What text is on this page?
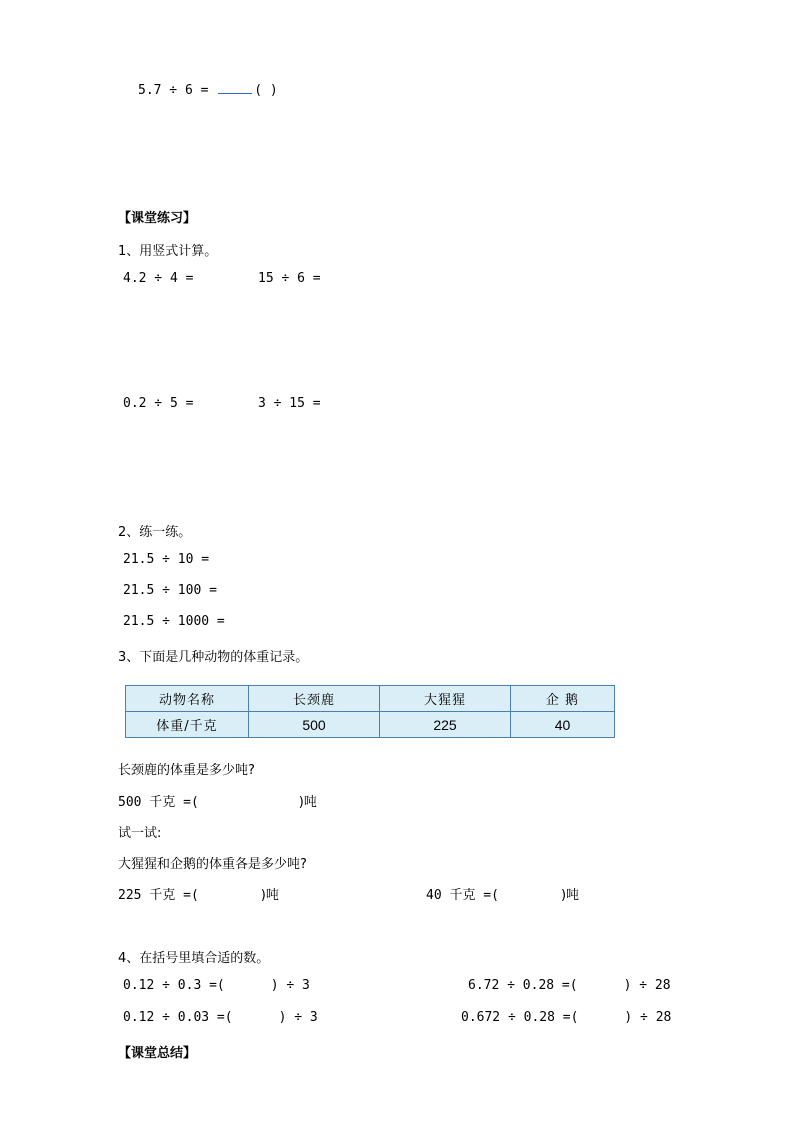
5.7 ÷ 6 =	( )
【课堂练习】
1、用竖式计算。
4.2 ÷ 4 =	15 ÷ 6 =
0.2 ÷ 5 =	3 ÷ 15 =
2、练一练。
21.5 ÷ 10 =
21.5 ÷ 100 =
21.5 ÷ 1000 =
3、下面是几种动物的体重记录。
动物名称	长颈鹿	大猩猩	企 鹅
体重/千克	500	225	40
长颈鹿的体重是多少吨?
500 千克 =(	)吨
试一试:
大猩猩和企鹅的体重各是多少吨?
225 千克 =(	)吨	40 千克 =(	)吨
4、在括号里填合适的数。
0.12 ÷ 0.3 =(	) ÷ 3	6.72 ÷ 0.28 =(	) ÷ 28
0.12 ÷ 0.03 =(	) ÷ 3	0.672 ÷ 0.28 =(	) ÷ 28
【课堂总结】
